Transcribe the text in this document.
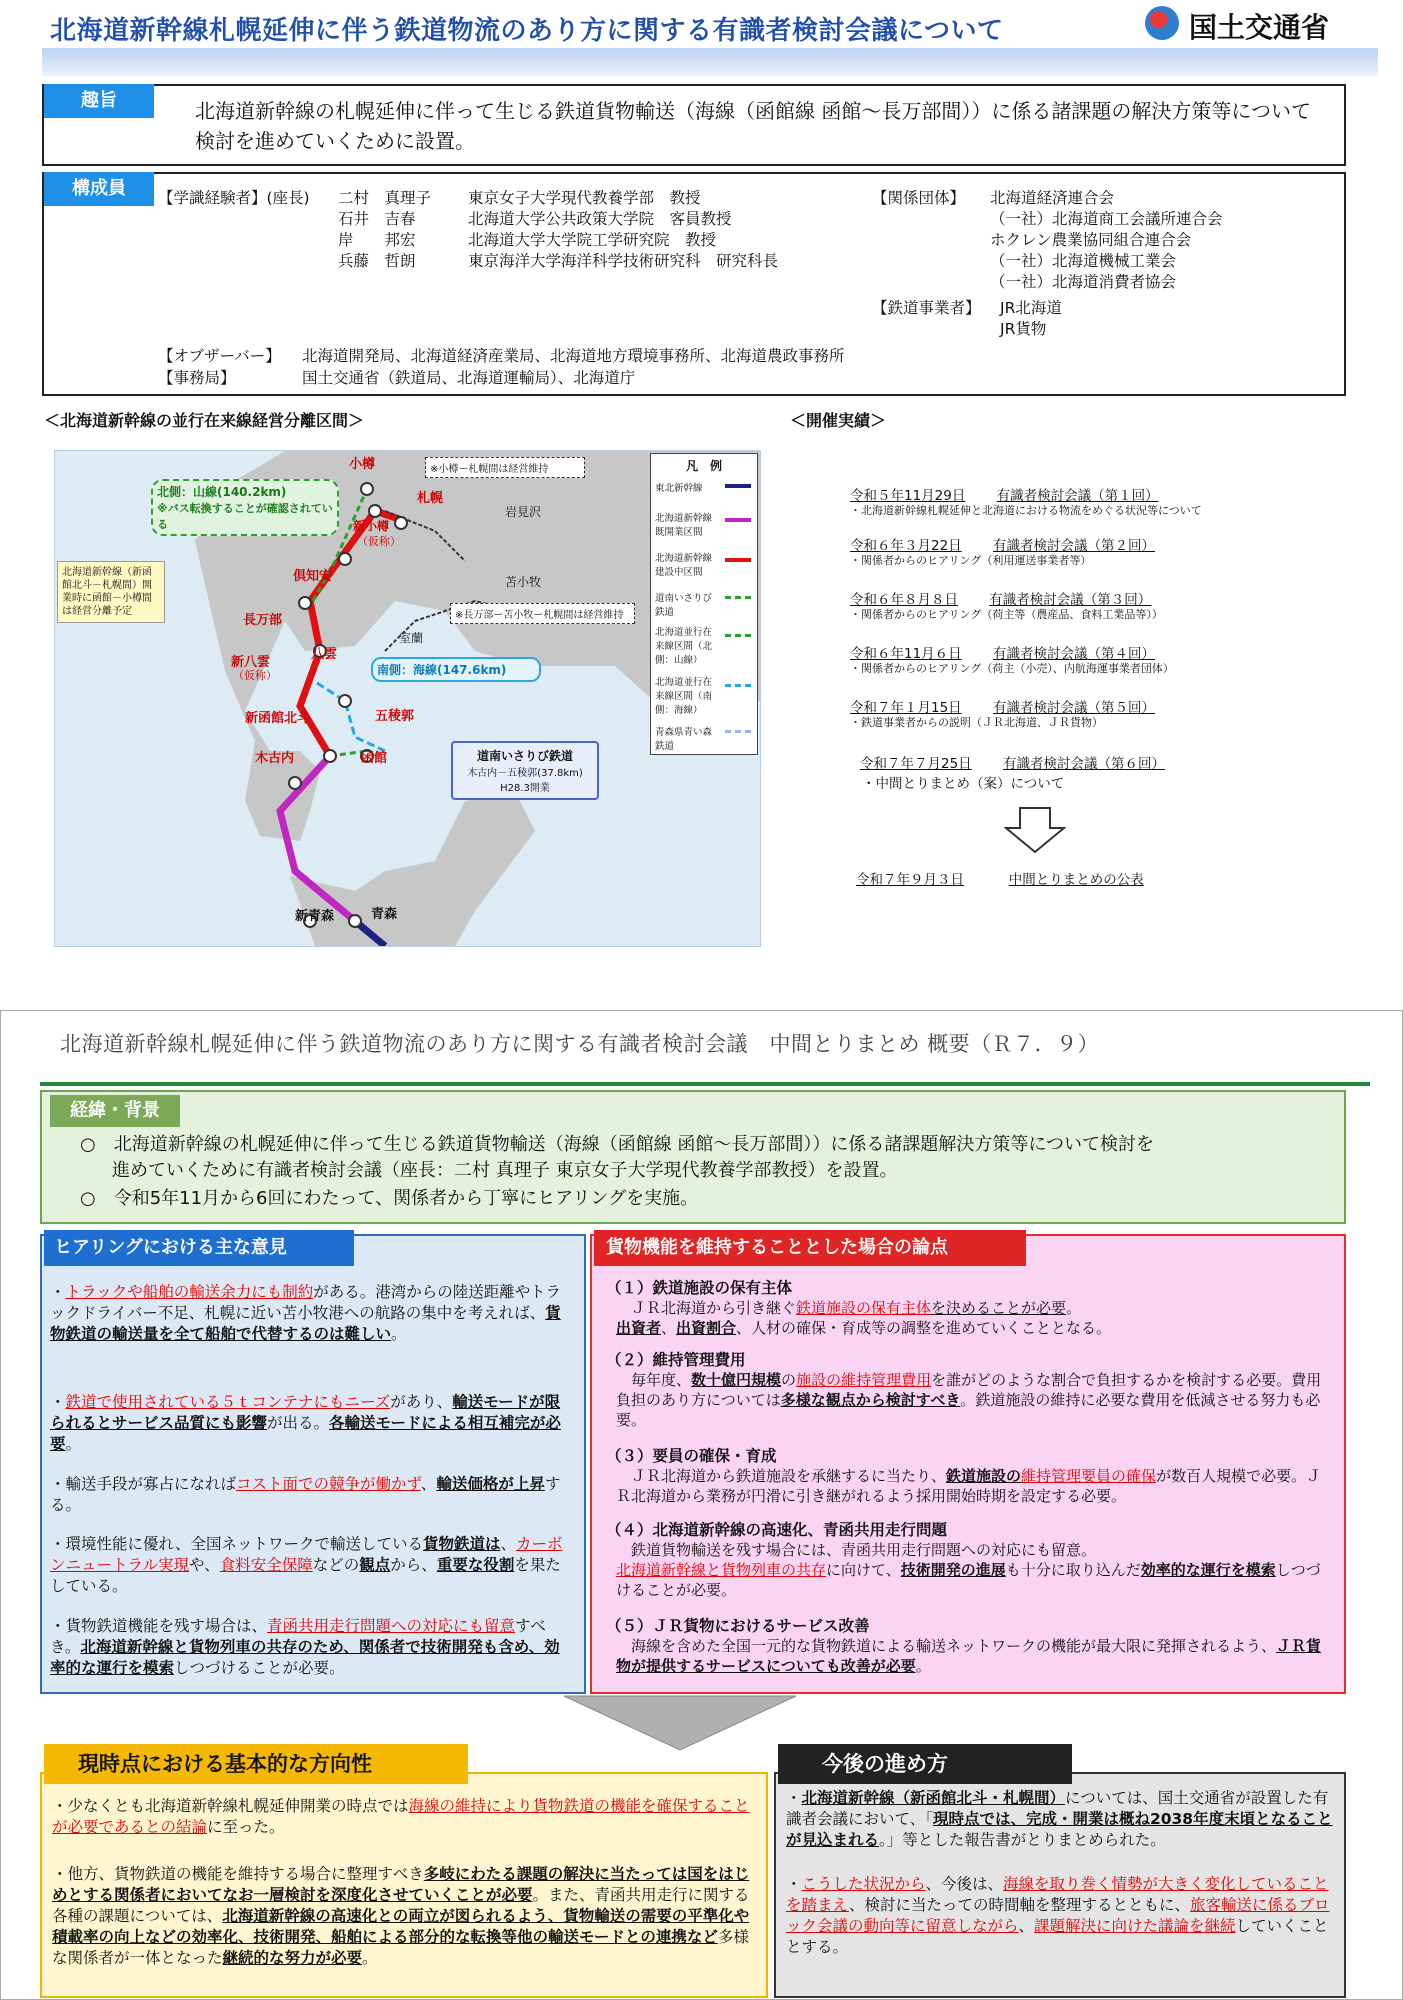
北海道新幹線札幌延伸に伴う鉄道物流のあり方に関する有識者検討会議について	国土交通省
趣旨	北海道新幹線の札幌延伸に伴って生じる鉄道貨物輸送（海線（函館線 函館～長万部間））に係る諸課題の解決方策等について検討を進めていくために設置。
構成員	【学識経験者】(座長) 二村　真理子 東京女子大学現代教養学部　教授
石井　吉春	北海道大学公共政策大学院　客員教授
岸　　邦宏	北海道大学大学院工学研究院　教授
兵藤　哲朗	東京海洋大学海洋科学技術研究科　研究科長
【関係団体】 北海道経済連合会
（一社）北海道商工会議所連合会
ホクレン農業協同組合連合会
（一社）北海道機械工業会
（一社）北海道消費者協会
【鉄道事業者】 JR北海道
JR貨物
【オブザーバー】 北海道開発局、北海道経済産業局、北海道地方環境事務所、北海道農政事務所
【事務局】	国土交通省（鉄道局、北海道運輸局）、北海道庁
＜北海道新幹線の並行在来線経営分離区間＞	＜開催実績＞
小樽
札幌
新小樽
（仮称）
倶知安
長万部
新八雲
（仮称）
八雲
新函館北斗	五稜郭
函館
木古内
新青森	青森
岩見沢
苫小牧
室蘭
北側：山線(140.2km)
※バス転換することが確認されている
南側：海線(147.6km)
※小樽ー札幌間は経営維持
※長万部ー苫小牧ー札幌間は経営維持
北海道新幹線（新函館北斗－札幌間）開業時に函館－小樽間は経営分離予定
道南いさりび鉄道
木古内－五稜郭(37.8km)
H28.3開業
凡　例
東北新幹線
北海道新幹線既開業区間
北海道新幹線建設中区間
道南いさりび鉄道
北海道並行在来線区間（北側：山線）
北海道並行在来線区間（南側：海線）
青森県青い森鉄道
令和５年11月29日　　 有識者検討会議（第１回）
・北海道新幹線札幌延伸と北海道における物流をめぐる状況等について
令和６年３月22日　　 有識者検討会議（第２回）
・関係者からのヒアリング（利用運送事業者等）
令和６年８月８日　　 有識者検討会議（第３回）
・関係者からのヒアリング（荷主等（農産品、食料工業品等））
令和６年11月６日　　 有識者検討会議（第４回）
・関係者からのヒアリング（荷主（小売）、内航海運事業者団体）
令和７年１月15日　　 有識者検討会議（第５回）
・鉄道事業者からの説明（ＪＲ北海道、ＪＲ貨物）
令和７年７月25日　　 有識者検討会議（第６回）
・中間とりまとめ（案）について
令和７年９月３日　　　	中間とりまとめの公表
北海道新幹線札幌延伸に伴う鉄道物流のあり方に関する有識者検討会議　中間とりまとめ 概要（Ｒ７．９）
経緯・背景
○　北海道新幹線の札幌延伸に伴って生じる鉄道貨物輸送（海線（函館線 函館～長万部間））に係る諸課題解決方策等について検討を
進めていくために有識者検討会議（座長：二村 真理子 東京女子大学現代教養学部教授）を設置。
○　令和5年11月から6回にわたって、関係者から丁寧にヒアリングを実施。
ヒアリングにおける主な意見
・トラックや船舶の輸送余力にも制約がある。港湾からの陸送距離やトラックドライバー不足、札幌に近い苫小牧港への航路の集中を考えれば、貨物鉄道の輸送量を全て船舶で代替するのは難しい。
・鉄道で使用されている５ｔコンテナにもニーズがあり、輸送モードが限られるとサービス品質にも影響が出る。各輸送モードによる相互補完が必要。
・輸送手段が寡占になればコスト面での競争が働かず、輸送価格が上昇する。
・環境性能に優れ、全国ネットワークで輸送している貨物鉄道は、カーボンニュートラル実現や、食料安全保障などの観点から、重要な役割を果たしている。
・貨物鉄道機能を残す場合は、青函共用走行問題への対応にも留意すべき。北海道新幹線と貨物列車の共存のため、関係者で技術開発も含め、効率的な運行を模索しつづけることが必要。
貨物機能を維持することとした場合の論点
（１）鉄道施設の保有主体
　ＪＲ北海道から引き継ぐ鉄道施設の保有主体を決めることが必要。
出資者、出資割合、人材の確保・育成等の調整を進めていくこととなる。
（２）維持管理費用
　毎年度、数十億円規模の施設の維持管理費用を誰がどのような割合で負担するかを検討する必要。費用負担のあり方については多様な観点から検討すべき。鉄道施設の維持に必要な費用を低減させる努力も必要。
（３）要員の確保・育成
　ＪＲ北海道から鉄道施設を承継するに当たり、鉄道施設の維持管理要員の確保が数百人規模で必要。ＪＲ北海道から業務が円滑に引き継がれるよう採用開始時期を設定する必要。
（４）北海道新幹線の高速化、青函共用走行問題
　鉄道貨物輸送を残す場合には、青函共用走行問題への対応にも留意。
北海道新幹線と貨物列車の共存に向けて、技術開発の進展も十分に取り込んだ効率的な運行を模索しつづけることが必要。
（５）ＪＲ貨物におけるサービス改善
　海線を含めた全国一元的な貨物鉄道による輸送ネットワークの機能が最大限に発揮されるよう、ＪＲ貨物が提供するサービスについても改善が必要。
現時点における基本的な方向性
・少なくとも北海道新幹線札幌延伸開業の時点では海線の維持により貨物鉄道の機能を確保することが必要であるとの結論に至った。
・他方、貨物鉄道の機能を維持する場合に整理すべき多岐にわたる課題の解決に当たっては国をはじめとする関係者においてなお一層検討を深度化させていくことが必要。また、青函共用走行に関する各種の課題については、北海道新幹線の高速化との両立が図られるよう、貨物輸送の需要の平準化や積載率の向上などの効率化、技術開発、船舶による部分的な転換等他の輸送モードとの連携など多様な関係者が一体となった継続的な努力が必要。
今後の進め方
・北海道新幹線（新函館北斗・札幌間）については、国土交通省が設置した有識者会議において、「現時点では、完成・開業は概ね2038年度末頃となることが見込まれる。」等とした報告書がとりまとめられた。
・こうした状況から、今後は、海線を取り巻く情勢が大きく変化していることを踏まえ、検討に当たっての時間軸を整理するとともに、旅客輸送に係るブロック会議の動向等に留意しながら、課題解決に向けた議論を継続していくこととする。
